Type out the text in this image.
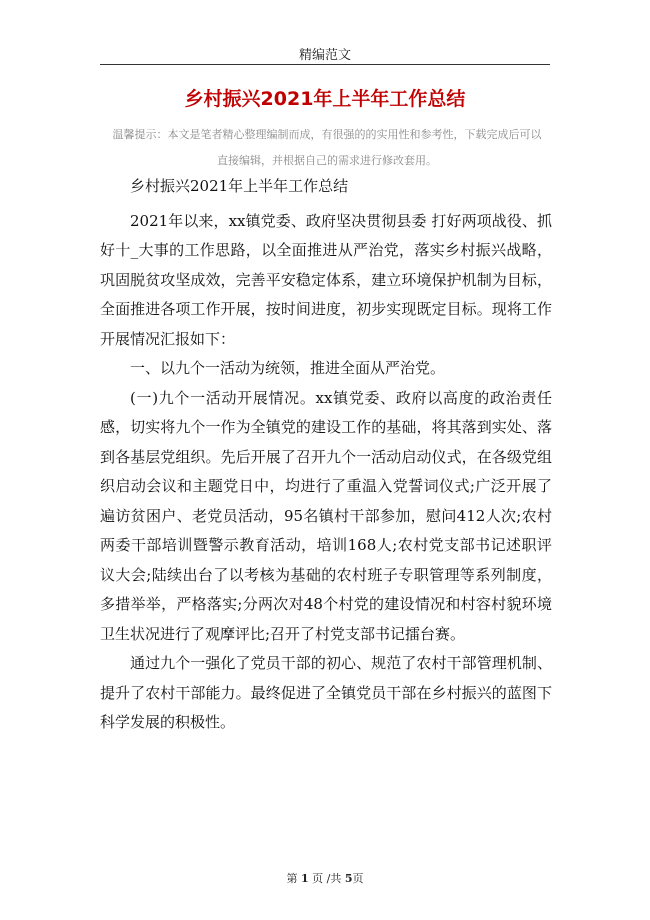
精编范文
乡村振兴2021年上半年工作总结
温馨提示：本文是笔者精心整理编制而成，有很强的的实用性和参考性，下载完成后可以
直接编辑，并根据自己的需求进行修改套用。

乡村振兴2021年上半年工作总结

2021年以来，xx镇党委、政府坚决贯彻县委 打好两项战役、抓好十_大事的工作思路，以全面推进从严治党，落实乡村振兴战略，巩固脱贫攻坚成效，完善平安稳定体系，建立环境保护机制为目标，全面推进各项工作开展，按时间进度，初步实现既定目标。现将工作开展情况汇报如下：

一、以九个一活动为统领，推进全面从严治党。

(一)九个一活动开展情况。xx镇党委、政府以高度的政治责任感，切实将九个一作为全镇党的建设工作的基础，将其落到实处、落到各基层党组织。先后开展了召开九个一活动启动仪式，在各级党组织启动会议和主题党日中，均进行了重温入党誓词仪式;广泛开展了遍访贫困户、老党员活动，95名镇村干部参加，慰问412人次;农村两委干部培训暨警示教育活动，培训168人;农村党支部书记述职评议大会;陆续出台了以考核为基础的农村班子专职管理等系列制度，多措举举，严格落实;分两次对48个村党的建设情况和村容村貌环境卫生状况进行了观摩评比;召开了村党支部书记擂台赛。

通过九个一强化了党员干部的初心、规范了农村干部管理机制、提升了农村干部能力。最终促进了全镇党员干部在乡村振兴的蓝图下科学发展的积极性。

第 1 页 /共 5页
